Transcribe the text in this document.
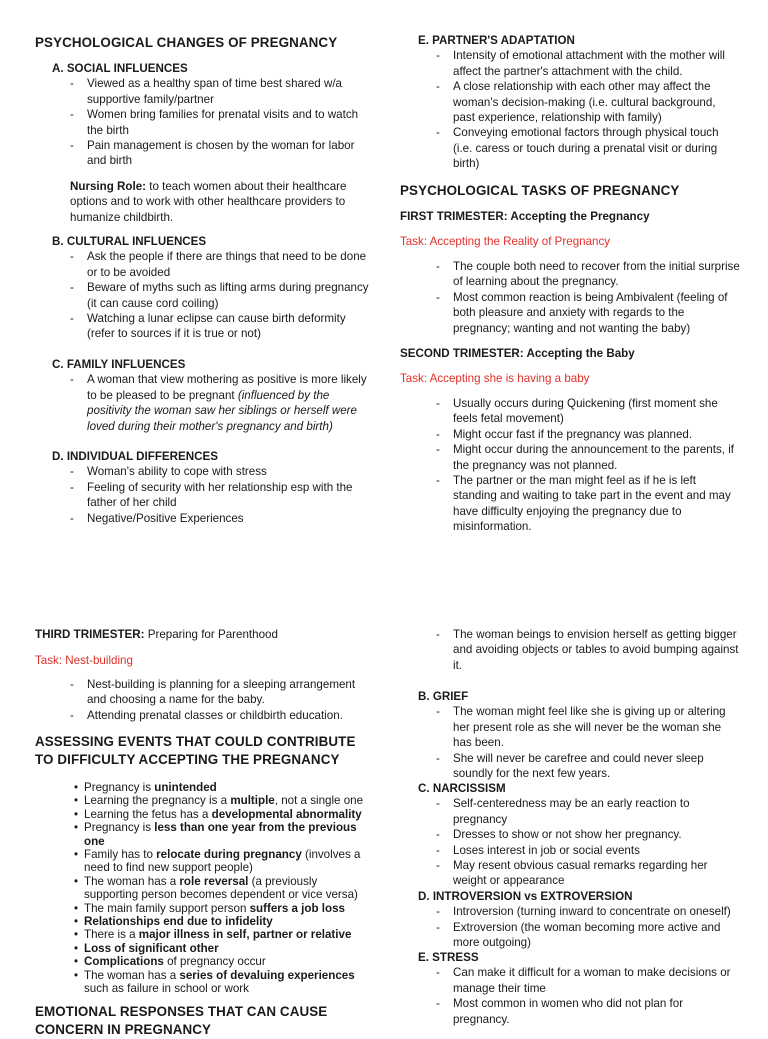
PSYCHOLOGICAL CHANGES OF PREGNANCY
A. SOCIAL INFLUENCES
- Viewed as a healthy span of time best shared w/a supportive family/partner
- Women bring families for prenatal visits and to watch the birth
- Pain management is chosen by the woman for labor and birth
Nursing Role: to teach women about their healthcare options and to work with other healthcare providers to humanize childbirth.
B. CULTURAL INFLUENCES
- Ask the people if there are things that need to be done or to be avoided
- Beware of myths such as lifting arms during pregnancy (it can cause cord coiling)
- Watching a lunar eclipse can cause birth deformity (refer to sources if it is true or not)
C. FAMILY INFLUENCES
- A woman that view mothering as positive is more likely to be pleased to be pregnant (influenced by the positivity the woman saw her siblings or herself were loved during their mother's pregnancy and birth)
D. INDIVIDUAL DIFFERENCES
- Woman's ability to cope with stress
- Feeling of security with her relationship esp with the father of her child
- Negative/Positive Experiences
E. PARTNER'S ADAPTATION
- Intensity of emotional attachment with the mother will affect the partner's attachment with the child.
- A close relationship with each other may affect the woman's decision-making (i.e. cultural background, past experience, relationship with family)
- Conveying emotional factors through physical touch (i.e. caress or touch during a prenatal visit or during birth)
PSYCHOLOGICAL TASKS OF PREGNANCY
FIRST TRIMESTER: Accepting the Pregnancy
Task: Accepting the Reality of Pregnancy
- The couple both need to recover from the initial surprise of learning about the pregnancy.
- Most common reaction is being Ambivalent (feeling of both pleasure and anxiety with regards to the pregnancy; wanting and not wanting the baby)
SECOND TRIMESTER: Accepting the Baby
Task: Accepting she is having a baby
- Usually occurs during Quickening (first moment she feels fetal movement)
- Might occur fast if the pregnancy was planned.
- Might occur during the announcement to the parents, if the pregnancy was not planned.
- The partner or the man might feel as if he is left standing and waiting to take part in the event and may have difficulty enjoying the pregnancy due to misinformation.
THIRD TRIMESTER: Preparing for Parenthood
Task: Nest-building
- Nest-building is planning for a sleeping arrangement and choosing a name for the baby.
- Attending prenatal classes or childbirth education.
ASSESSING EVENTS THAT COULD CONTRIBUTE TO DIFFICULTY ACCEPTING THE PREGNANCY
• Pregnancy is unintended
• Learning the pregnancy is a multiple, not a single one
• Learning the fetus has a developmental abnormality
• Pregnancy is less than one year from the previous one
• Family has to relocate during pregnancy (involves a need to find new support people)
• The woman has a role reversal (a previously supporting person becomes dependent or vice versa)
• The main family support person suffers a job loss
• Relationships end due to infidelity
• There is a major illness in self, partner or relative
• Loss of significant other
• Complications of pregnancy occur
• The woman has a series of devaluing experiences such as failure in school or work
EMOTIONAL RESPONSES THAT CAN CAUSE CONCERN IN PREGNANCY
- The woman beings to envision herself as getting bigger and avoiding objects or tables to avoid bumping against it.
B. GRIEF
- The woman might feel like she is giving up or altering her present role as she will never be the woman she has been.
- She will never be carefree and could never sleep soundly for the next few years.
C. NARCISSISM
- Self-centeredness may be an early reaction to pregnancy
- Dresses to show or not show her pregnancy.
- Loses interest in job or social events
- May resent obvious casual remarks regarding her weight or appearance
D. INTROVERSION vs EXTROVERSION
- Introversion (turning inward to concentrate on oneself)
- Extroversion (the woman becoming more active and more outgoing)
E. STRESS
- Can make it difficult for a woman to make decisions or manage their time
- Most common in women who did not plan for pregnancy.
